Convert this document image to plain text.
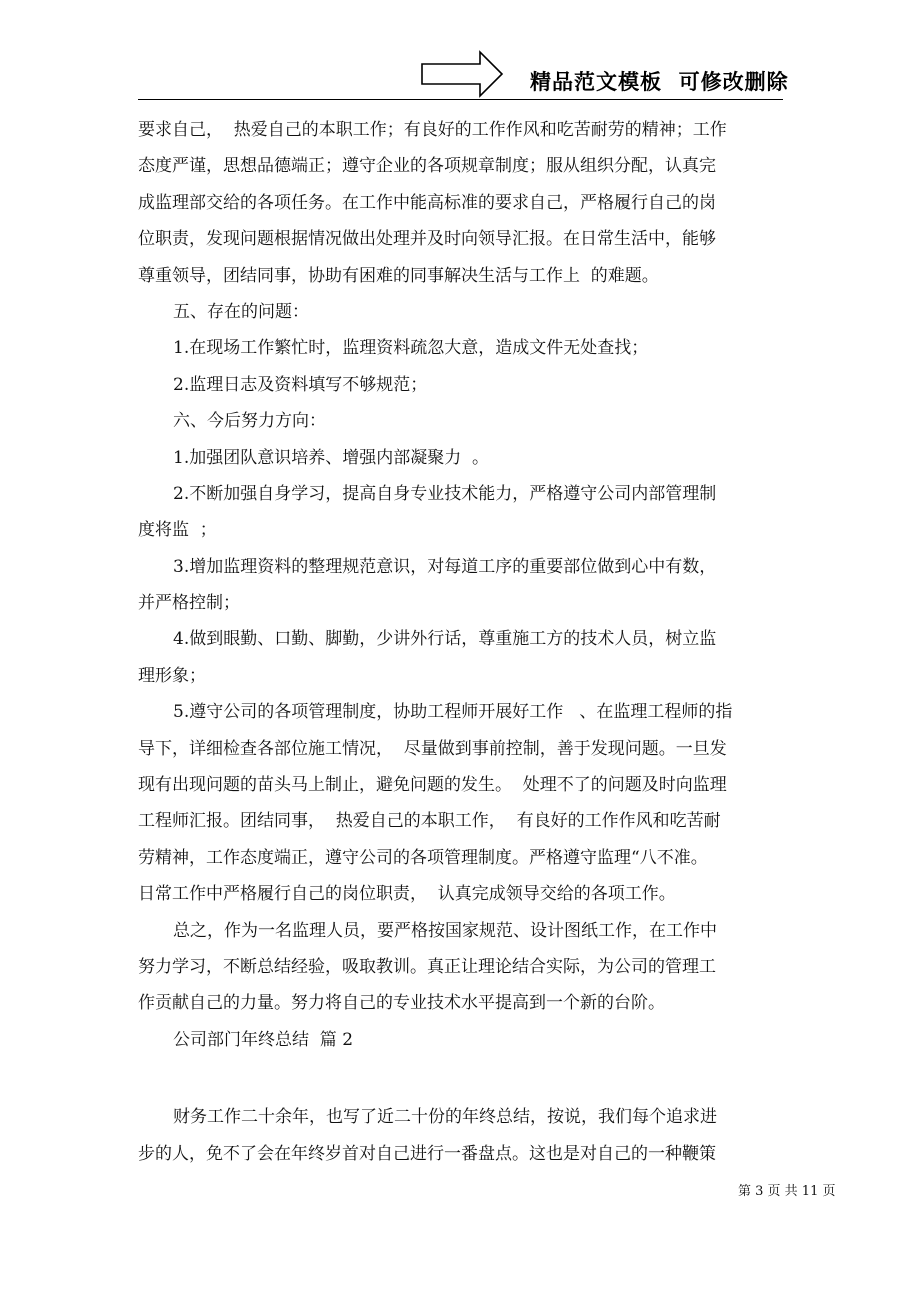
精品范文模板  可修改删除
要求自己，  热爱自己的本职工作；有良好的工作作风和吃苦耐劳的精神；工作
态度严谨，思想品德端正；遵守企业的各项规章制度；服从组织分配，认真完
成监理部交给的各项任务。在工作中能高标准的要求自己，严格履行自己的岗
位职责，发现问题根据情况做出处理并及时向领导汇报。在日常生活中，能够
尊重领导，团结同事，协助有困难的同事解决生活与工作上  的难题。
五、存在的问题：
1.在现场工作繁忙时，监理资料疏忽大意，造成文件无处查找；
2.监理日志及资料填写不够规范；
六、今后努力方向：
1.加强团队意识培养、增强内部凝聚力  。
2.不断加强自身学习，提高自身专业技术能力，严格遵守公司内部管理制
度将监  ；
3.增加监理资料的整理规范意识，对每道工序的重要部位做到心中有数，
并严格控制；
4.做到眼勤、口勤、脚勤，少讲外行话，尊重施工方的技术人员，树立监
理形象；
5.遵守公司的各项管理制度，协助工程师开展好工作   、在监理工程师的指
导下，详细检查各部位施工情况，  尽量做到事前控制，善于发现问题。一旦发
现有出现问题的苗头马上制止，避免问题的发生。  处理不了的问题及时向监理
工程师汇报。团结同事，  热爱自己的本职工作，  有良好的工作作风和吃苦耐
劳精神，工作态度端正，遵守公司的各项管理制度。严格遵守监理“八不准。
日常工作中严格履行自己的岗位职责，  认真完成领导交给的各项工作。
总之，作为一名监理人员，要严格按国家规范、设计图纸工作，在工作中
努力学习，不断总结经验，吸取教训。真正让理论结合实际，为公司的管理工
作贡献自己的力量。努力将自己的专业技术水平提高到一个新的台阶。
公司部门年终总结  篇 2
财务工作二十余年，也写了近二十份的年终总结，按说，我们每个追求进
步的人，免不了会在年终岁首对自己进行一番盘点。这也是对自己的一种鞭策
第 3 页 共 11 页
